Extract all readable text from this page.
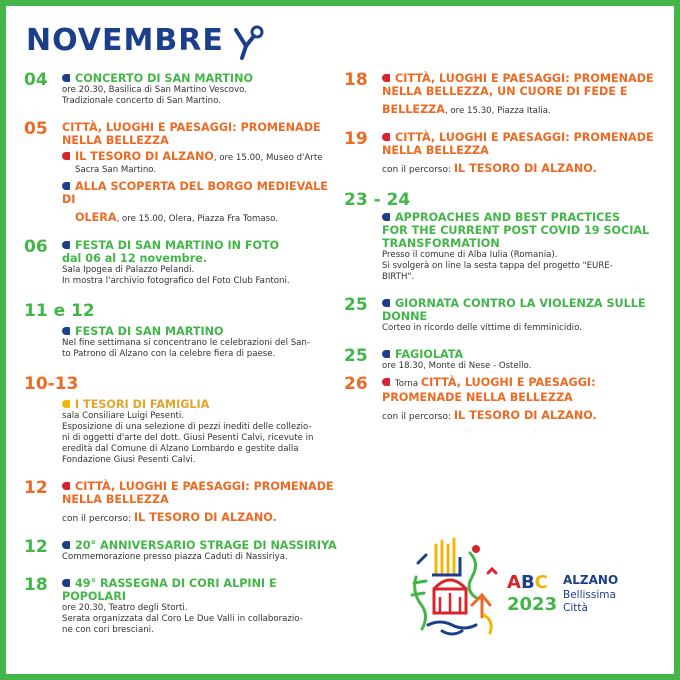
NOVEMBRE
04	CONCERTO DI SAN MARTINO
ore 20.30, Basilica di San Martino Vescovo.
Tradizionale concerto di San Martino.
05 CITTÀ, LUOGHI E PAESAGGI: PROMENADE
NELLA BELLEZZA
IL TESORO DI ALZANO, ore 15.00, Museo d'Arte
Sacra San Martino.
ALLA SCOPERTA DEL BORGO MEDIEVALE DI
OLERA, ore 15.00, Olera, Piazza Fra Tomaso.
06	FESTA DI SAN MARTINO IN FOTO
dal 06 al 12 novembre.
Sala Ipogea di Palazzo Pelandi.
In mostra l'archivio fotografico del Foto Club Fantoni.
11 e 12
FESTA DI SAN MARTINO
Nel fine settimana si concentrano le celebrazioni del San-
to Patrono di Alzano con la celebre fiera di paese.
10-13
I TESORI DI FAMIGLIA
sala Consiliare Luigi Pesenti.
Esposizione di una selezione di pezzi inediti delle collezio-
ni di oggetti d'arte del dott. Giusi Pesenti Calvi, ricevute in
eredità dal Comune di Alzano Lombardo e gestite dalla
Fondazione Giusi Pesenti Calvi.
12	CITTÀ, LUOGHI E PAESAGGI: PROMENADE
NELLA BELLEZZA
con il percorso: IL TESORO DI ALZANO.
12	20° ANNIVERSARIO STRAGE DI NASSIRIYA
Commemorazione presso piazza Caduti di Nassiriya.
18	49° RASSEGNA DI CORI ALPINI E POPOLARI
ore 20.30, Teatro degli Storti.
Serata organizzata dal Coro Le Due Valli in collaborazio-
ne con cori bresciani.
18	CITTÀ, LUOGHI E PAESAGGI: PROMENADE
NELLA BELLEZZA, UN CUORE DI FEDE E
BELLEZZA, ore 15.30, Piazza Italia.
19	CITTÀ, LUOGHI E PAESAGGI: PROMENADE
NELLA BELLEZZA
con il percorso: IL TESORO DI ALZANO.
23 - 24
APPROACHES AND BEST PRACTICES
FOR THE CURRENT POST COVID 19 SOCIAL
TRANSFORMATION
Presso il comune di Alba Iulia (Romania).
Si svolgerà on line la sesta tappa del progetto "EURE-
BIRTH".
25	GIORNATA CONTRO LA VIOLENZA SULLE
DONNE
Corteo in ricordo delle vittime di femminicidio.
25	FAGIOLATA
ore 18.30, Monte di Nese - Ostello.
26	Torna CITTÀ, LUOGHI E PAESAGGI:
PROMENADE NELLA BELLEZZA
con il percorso: IL TESORO DI ALZANO.
ABC
2023
ALZANO
Bellissima
Città
